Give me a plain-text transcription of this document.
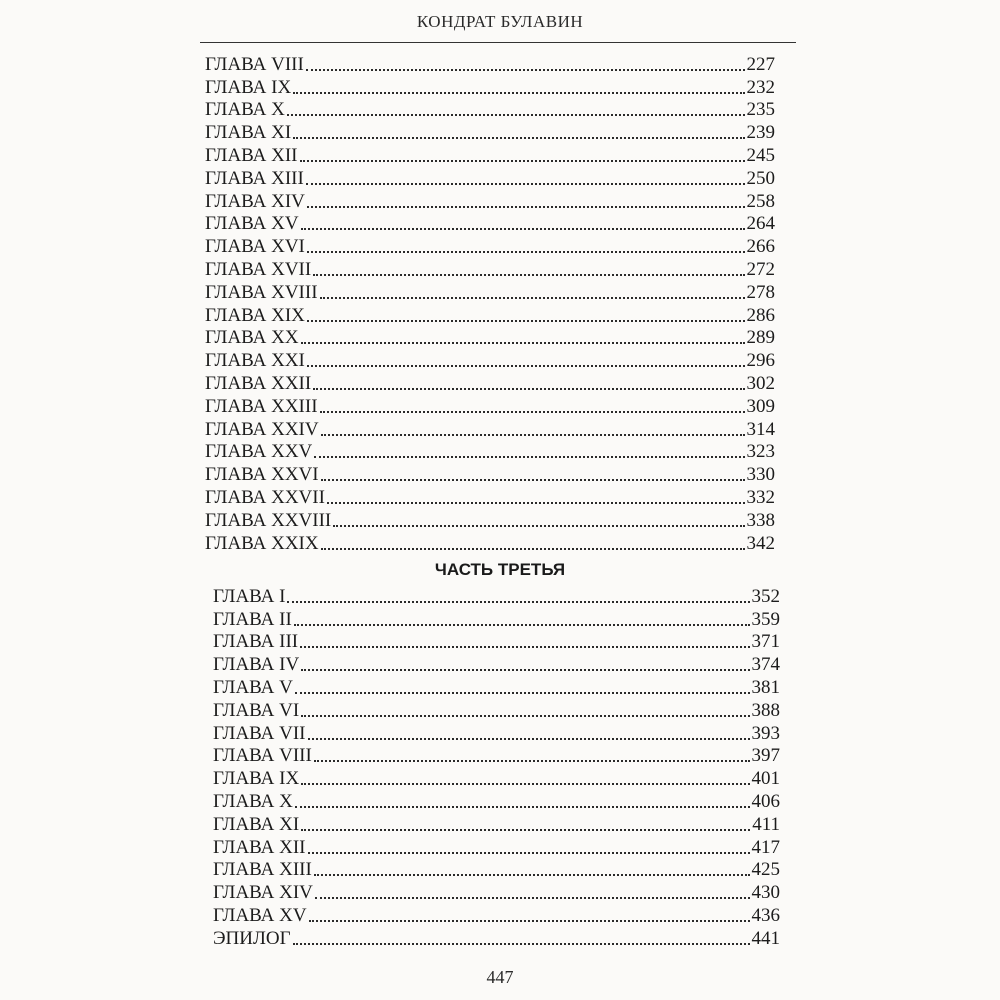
КОНДРАТ БУЛАВИН
ГЛАВА VIII	227
ГЛАВА IX	232
ГЛАВА X	235
ГЛАВА XI	239
ГЛАВА XII	245
ГЛАВА XIII	250
ГЛАВА XIV	258
ГЛАВА XV	264
ГЛАВА XVI	266
ГЛАВА XVII	272
ГЛАВА XVIII	278
ГЛАВА XIX	286
ГЛАВА XX	289
ГЛАВА XXI	296
ГЛАВА XXII	302
ГЛАВА XXIII	309
ГЛАВА XXIV	314
ГЛАВА XXV	323
ГЛАВА XXVI	330
ГЛАВА XXVII	332
ГЛАВА XXVIII	338
ГЛАВА XXIX	342
ЧАСТЬ ТРЕТЬЯ
ГЛАВА I	352
ГЛАВА II	359
ГЛАВА III	371
ГЛАВА IV	374
ГЛАВА V	381
ГЛАВА VI	388
ГЛАВА VII	393
ГЛАВА VIII	397
ГЛАВА IX	401
ГЛАВА X	406
ГЛАВА XI	411
ГЛАВА XII	417
ГЛАВА XIII	425
ГЛАВА XIV	430
ГЛАВА XV	436
ЭПИЛОГ	441
447
